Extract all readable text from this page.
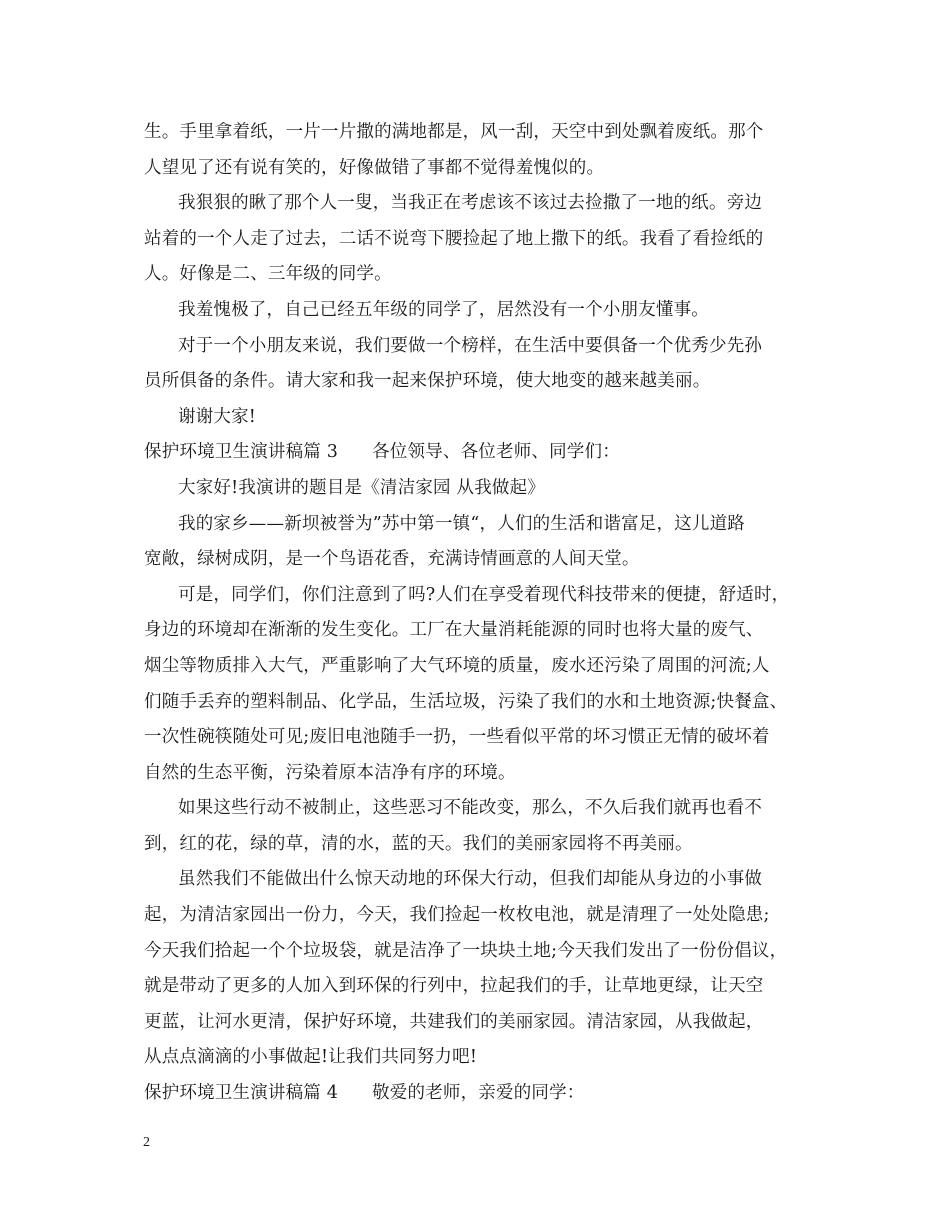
生。手里拿着纸，一片一片撒的满地都是，风一刮，天空中到处飘着废纸。那个
人望见了还有说有笑的，好像做错了事都不觉得羞愧似的。
我狠狠的瞅了那个人一叟，当我正在考虑该不该过去捡撒了一地的纸。旁边
站着的一个人走了过去，二话不说弯下腰捡起了地上撒下的纸。我看了看捡纸的
人。好像是二、三年级的同学。
我羞愧极了，自己已经五年级的同学了，居然没有一个小朋友懂事。
对于一个小朋友来说，我们要做一个榜样，在生活中要俱备一个优秀少先孙
员所俱备的条件。请大家和我一起来保护环境，使大地变的越来越美丽。
谢谢大家!
保护环境卫生演讲稿篇 3 各位领导、各位老师、同学们：
大家好!我演讲的题目是《清洁家园 从我做起》
我的家乡——新坝被誉为”苏中第一镇“，人们的生活和谐富足，这儿道路
宽敞，绿树成阴，是一个鸟语花香，充满诗情画意的人间天堂。
可是，同学们，你们注意到了吗?人们在享受着现代科技带来的便捷，舒适时，
身边的环境却在渐渐的发生变化。工厂在大量消耗能源的同时也将大量的废气、
烟尘等物质排入大气，严重影响了大气环境的质量，废水还污染了周围的河流;人
们随手丢弃的塑料制品、化学品，生活垃圾，污染了我们的水和土地资源;快餐盒、
一次性碗筷随处可见;废旧电池随手一扔，一些看似平常的坏习惯正无情的破坏着
自然的生态平衡，污染着原本洁净有序的环境。
如果这些行动不被制止，这些恶习不能改变，那么，不久后我们就再也看不
到，红的花，绿的草，清的水，蓝的天。我们的美丽家园将不再美丽。
虽然我们不能做出什么惊天动地的环保大行动，但我们却能从身边的小事做
起，为清洁家园出一份力，今天，我们捡起一枚枚电池，就是清理了一处处隐患;
今天我们拾起一个个垃圾袋，就是洁净了一块块土地;今天我们发出了一份份倡议，
就是带动了更多的人加入到环保的行列中，拉起我们的手，让草地更绿，让天空
更蓝，让河水更清，保护好环境，共建我们的美丽家园。清洁家园，从我做起，
从点点滴滴的小事做起!让我们共同努力吧!
保护环境卫生演讲稿篇 4 敬爱的老师，亲爱的同学：
2
